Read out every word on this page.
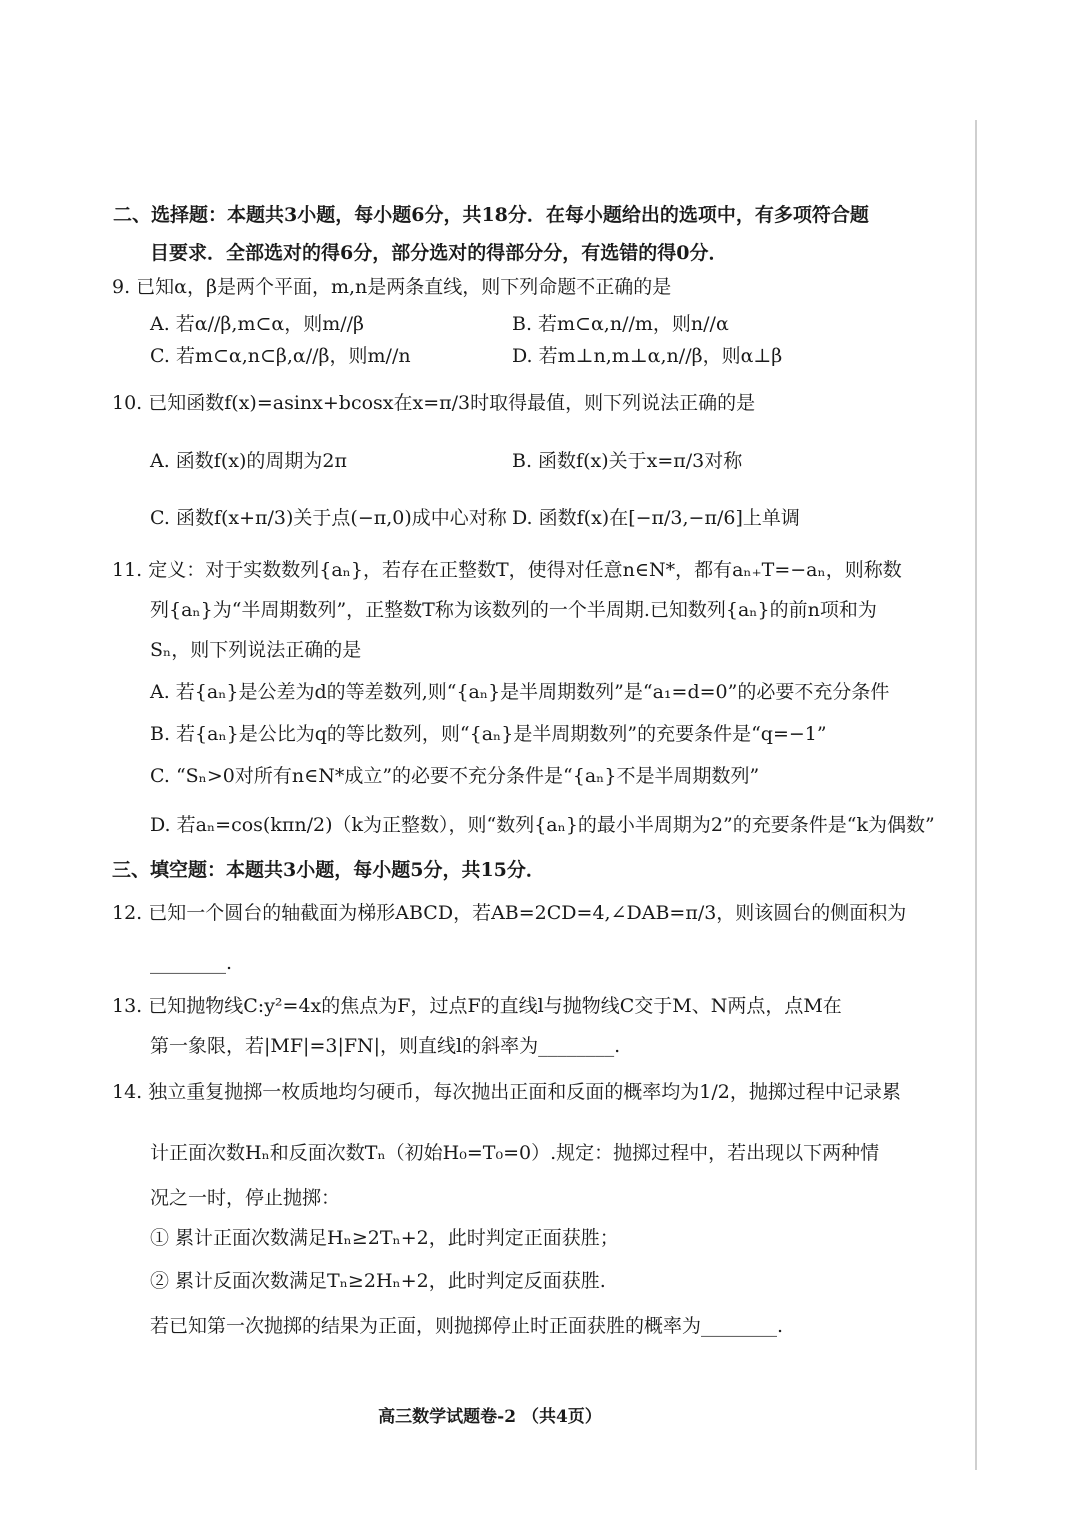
二、选择题：本题共3小题，每小题6分，共18分．在每小题给出的选项中，有多项符合题
目要求．全部选对的得6分，部分选对的得部分分，有选错的得0分．
9. 已知α，β是两个平面，m,n是两条直线，则下列命题不正确的是
A. 若α//β,m⊂α，则m//β	B. 若m⊂α,n//m，则n//α
C. 若m⊂α,n⊂β,α//β，则m//n	D. 若m⊥n,m⊥α,n//β，则α⊥β
10. 已知函数f(x)=asinx+bcosx在x=π/3时取得最值，则下列说法正确的是
A. 函数f(x)的周期为2π	B. 函数f(x)关于x=π/3对称
C. 函数f(x+π/3)关于点(−π,0)成中心对称 D. 函数f(x)在[−π/3,−π/6]上单调
11. 定义：对于实数数列{aₙ}，若存在正整数T，使得对任意n∈N*，都有aₙ₊T=−aₙ，则称数
列{aₙ}为“半周期数列”，正整数T称为该数列的一个半周期.已知数列{aₙ}的前n项和为
Sₙ，则下列说法正确的是
A. 若{aₙ}是公差为d的等差数列,则“{aₙ}是半周期数列”是“a₁=d=0”的必要不充分条件
B. 若{aₙ}是公比为q的等比数列，则“{aₙ}是半周期数列”的充要条件是“q=−1”
C. “Sₙ>0对所有n∈N*成立”的必要不充分条件是“{aₙ}不是半周期数列”
D. 若aₙ=cos(kπn/2)（k为正整数），则“数列{aₙ}的最小半周期为2”的充要条件是“k为偶数”
三、填空题：本题共3小题，每小题5分，共15分．
12. 已知一个圆台的轴截面为梯形ABCD，若AB=2CD=4,∠DAB=π/3，则该圆台的侧面积为
________.
13. 已知抛物线C:y²=4x的焦点为F，过点F的直线l与抛物线C交于M、N两点，点M在
第一象限，若|MF|=3|FN|，则直线l的斜率为________.
14. 独立重复抛掷一枚质地均匀硬币，每次抛出正面和反面的概率均为1/2，抛掷过程中记录累
计正面次数Hₙ和反面次数Tₙ（初始H₀=T₀=0）.规定：抛掷过程中，若出现以下两种情
况之一时，停止抛掷：
① 累计正面次数满足Hₙ≥2Tₙ+2，此时判定正面获胜；
② 累计反面次数满足Tₙ≥2Hₙ+2，此时判定反面获胜.
若已知第一次抛掷的结果为正面，则抛掷停止时正面获胜的概率为________.
高三数学试题卷-2 （共4页）
